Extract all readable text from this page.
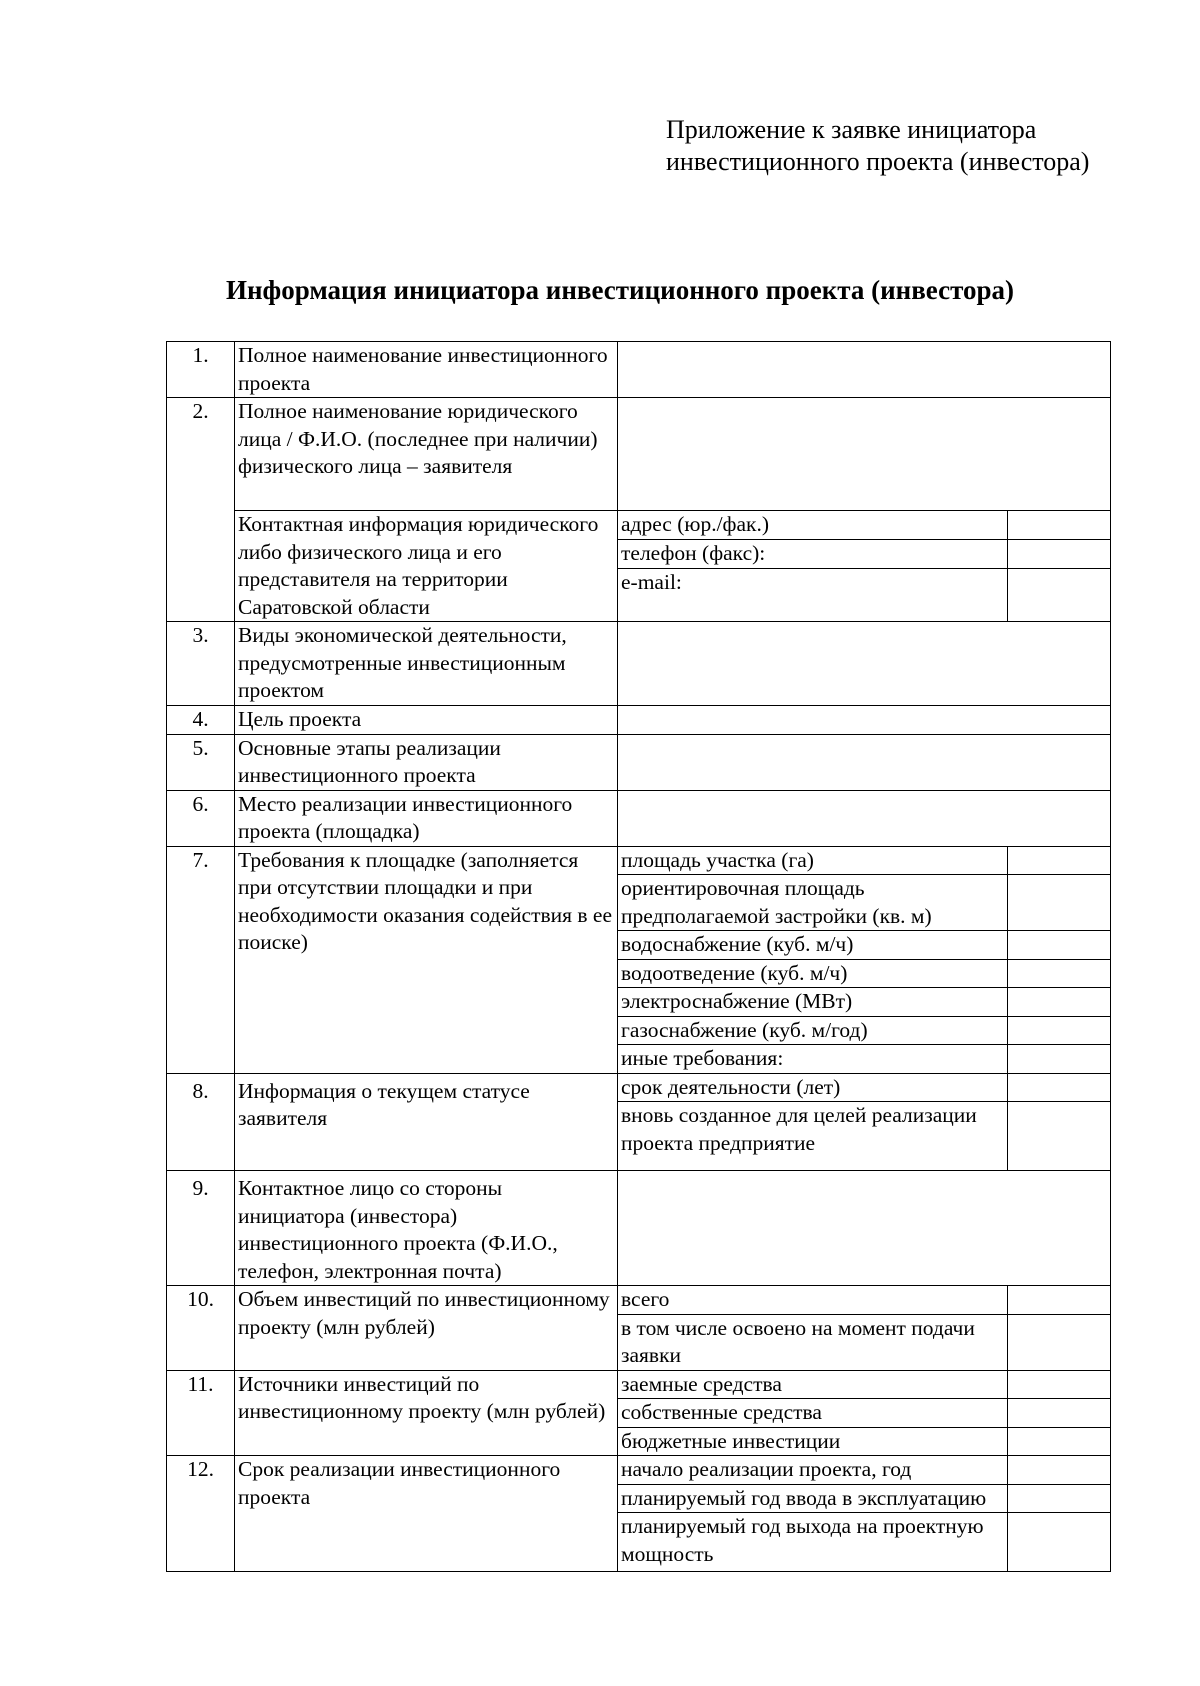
Приложение к заявке инициатора
инвестиционного проекта (инвестора)
Информация инициатора инвестиционного проекта (инвестора)
1.	Полное наименование инвестиционного проекта		
2.	Полное наименование юридического лица / Ф.И.О. (последнее при наличии) физического лица – заявителя		
	Контактная информация юридического либо физического лица и его представителя на территории Саратовской области	адрес (юр./фак.)	
		телефон (факс):	
		e-mail:	
3.	Виды экономической деятельности, предусмотренные инвестиционным проектом		
4.	Цель проекта		
5.	Основные этапы реализации инвестиционного проекта		
6.	Место реализации инвестиционного проекта (площадка)		
7.	Требования к площадке (заполняется при отсутствии площадки и при необходимости оказания содействия в ее поиске)	площадь участка (га)	
		ориентировочная площадь предполагаемой застройки (кв. м)	
		водоснабжение (куб. м/ч)	
		водоотведение (куб. м/ч)	
		электроснабжение (МВт)	
		газоснабжение (куб. м/год)	
		иные требования:	
8.	Информация о текущем статусе заявителя	срок деятельности (лет)	
		вновь созданное для целей реализации проекта предприятие	
9.	Контактное лицо со стороны инициатора (инвестора) инвестиционного проекта (Ф.И.О., телефон, электронная почта)		
10.	Объем инвестиций по инвестиционному проекту (млн рублей)	всего	
		в том числе освоено на момент подачи заявки	
11.	Источники инвестиций по инвестиционному проекту (млн рублей)	заемные средства	
		собственные средства	
		бюджетные инвестиции	
12.	Срок реализации инвестиционного проекта	начало реализации проекта, год	
		планируемый год ввода в эксплуатацию	
		планируемый год выхода на проектную мощность	
